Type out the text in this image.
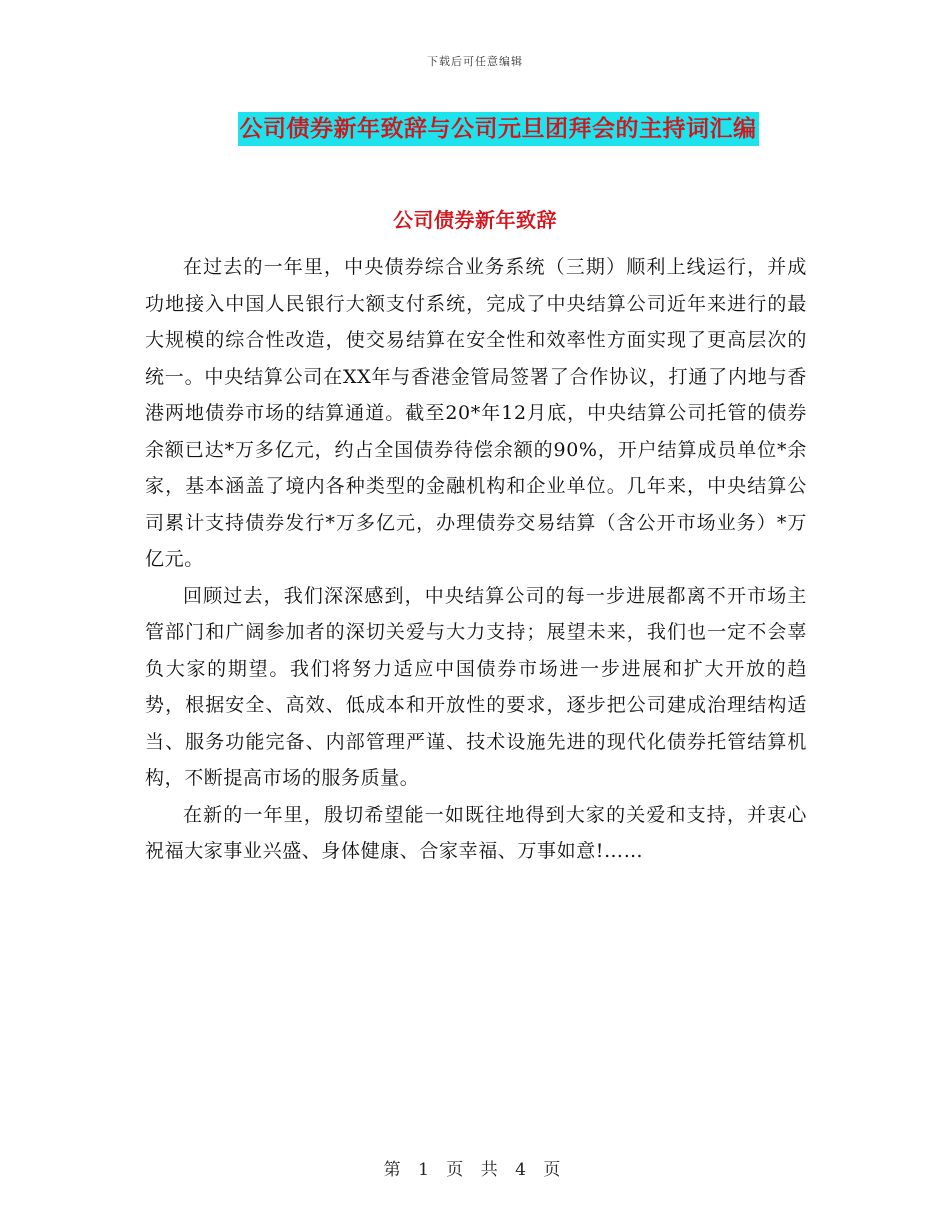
下载后可任意编辑
公司债券新年致辞与公司元旦团拜会的主持词汇编
公司债券新年致辞

在过去的一年里，中央债券综合业务系统（三期）顺利上线运行，并成功地接入中国人民银行大额支付系统，完成了中央结算公司近年来进行的最大规模的综合性改造，使交易结算在安全性和效率性方面实现了更高层次的统一。中央结算公司在XX年与香港金管局签署了合作协议，打通了内地与香港两地债券市场的结算通道。截至20*年12月底，中央结算公司托管的债券余额已达*万多亿元，约占全国债券待偿余额的90%，开户结算成员单位*余家，基本涵盖了境内各种类型的金融机构和企业单位。几年来，中央结算公司累计支持债券发行*万多亿元，办理债券交易结算（含公开市场业务）*万亿元。

回顾过去，我们深深感到，中央结算公司的每一步进展都离不开市场主管部门和广阔参加者的深切关爱与大力支持；展望未来，我们也一定不会辜负大家的期望。我们将努力适应中国债券市场进一步进展和扩大开放的趋势，根据安全、高效、低成本和开放性的要求，逐步把公司建成治理结构适当、服务功能完备、内部管理严谨、技术设施先进的现代化债券托管结算机构，不断提高市场的服务质量。

在新的一年里，殷切希望能一如既往地得到大家的关爱和支持，并衷心祝福大家事业兴盛、身体健康、合家幸福、万事如意!……

第 1 页 共 4 页
